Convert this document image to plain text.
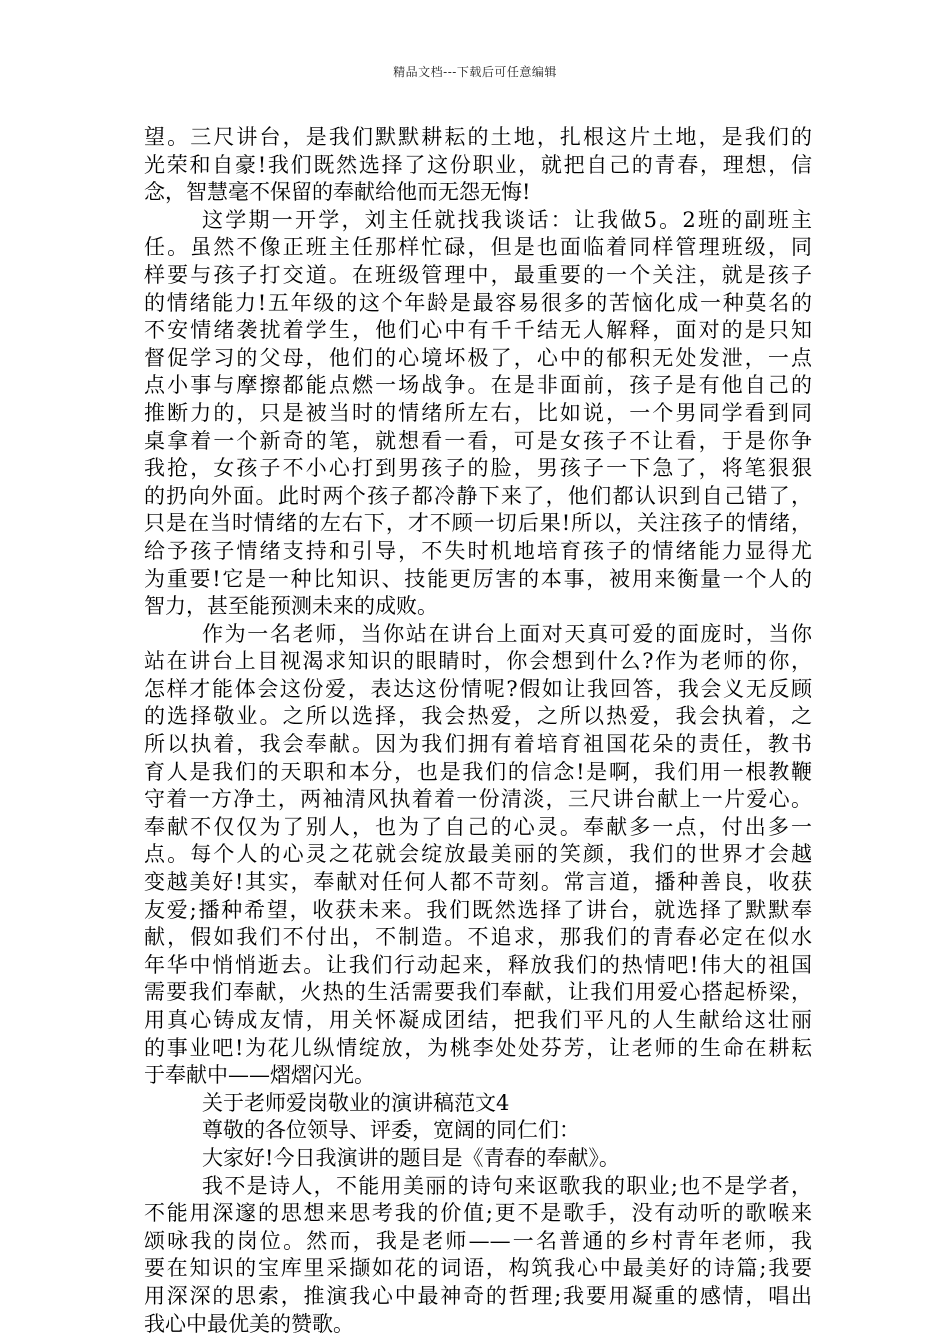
精品文档---下载后可任意编辑
望。三尺讲台，是我们默默耕耘的土地，扎根这片土地，是我们的
光荣和自豪!我们既然选择了这份职业，就把自己的青春，理想，信
念，智慧毫不保留的奉献给他而无怨无悔!
这学期一开学，刘主任就找我谈话：让我做5。2班的副班主
任。虽然不像正班主任那样忙碌，但是也面临着同样管理班级，同
样要与孩子打交道。在班级管理中，最重要的一个关注，就是孩子
的情绪能力!五年级的这个年龄是最容易很多的苦恼化成一种莫名的
不安情绪袭扰着学生，他们心中有千千结无人解释，面对的是只知
督促学习的父母，他们的心境坏极了，心中的郁积无处发泄，一点
点小事与摩擦都能点燃一场战争。在是非面前，孩子是有他自己的
推断力的，只是被当时的情绪所左右，比如说，一个男同学看到同
桌拿着一个新奇的笔，就想看一看，可是女孩子不让看，于是你争
我抢，女孩子不小心打到男孩子的脸，男孩子一下急了，将笔狠狠
的扔向外面。此时两个孩子都冷静下来了，他们都认识到自己错了，
只是在当时情绪的左右下，才不顾一切后果!所以，关注孩子的情绪，
给予孩子情绪支持和引导，不失时机地培育孩子的情绪能力显得尤
为重要!它是一种比知识、技能更厉害的本事，被用来衡量一个人的
智力，甚至能预测未来的成败。
作为一名老师，当你站在讲台上面对天真可爱的面庞时，当你
站在讲台上目视渴求知识的眼睛时，你会想到什么?作为老师的你，
怎样才能体会这份爱，表达这份情呢?假如让我回答，我会义无反顾
的选择敬业。之所以选择，我会热爱，之所以热爱，我会执着，之
所以执着，我会奉献。因为我们拥有着培育祖国花朵的责任，教书
育人是我们的天职和本分，也是我们的信念!是啊，我们用一根教鞭
守着一方净土，两袖清风执着着一份清淡，三尺讲台献上一片爱心。
奉献不仅仅为了别人，也为了自己的心灵。奉献多一点，付出多一
点。每个人的心灵之花就会绽放最美丽的笑颜，我们的世界才会越
变越美好!其实，奉献对任何人都不苛刻。常言道，播种善良，收获
友爱;播种希望，收获未来。我们既然选择了讲台，就选择了默默奉
献，假如我们不付出，不制造。不追求，那我们的青春必定在似水
年华中悄悄逝去。让我们行动起来，释放我们的热情吧!伟大的祖国
需要我们奉献，火热的生活需要我们奉献，让我们用爱心搭起桥梁，
用真心铸成友情，用关怀凝成团结，把我们平凡的人生献给这壮丽
的事业吧!为花儿纵情绽放，为桃李处处芬芳，让老师的生命在耕耘
于奉献中——熠熠闪光。
关于老师爱岗敬业的演讲稿范文4
尊敬的各位领导、评委，宽阔的同仁们：
大家好!今日我演讲的题目是《青春的奉献》。
我不是诗人，不能用美丽的诗句来讴歌我的职业;也不是学者，
不能用深邃的思想来思考我的价值;更不是歌手，没有动听的歌喉来
颂咏我的岗位。然而，我是老师——一名普通的乡村青年老师，我
要在知识的宝库里采撷如花的词语，构筑我心中最美好的诗篇;我要
用深深的思索，推演我心中最神奇的哲理;我要用凝重的感情，唱出
我心中最优美的赞歌。
